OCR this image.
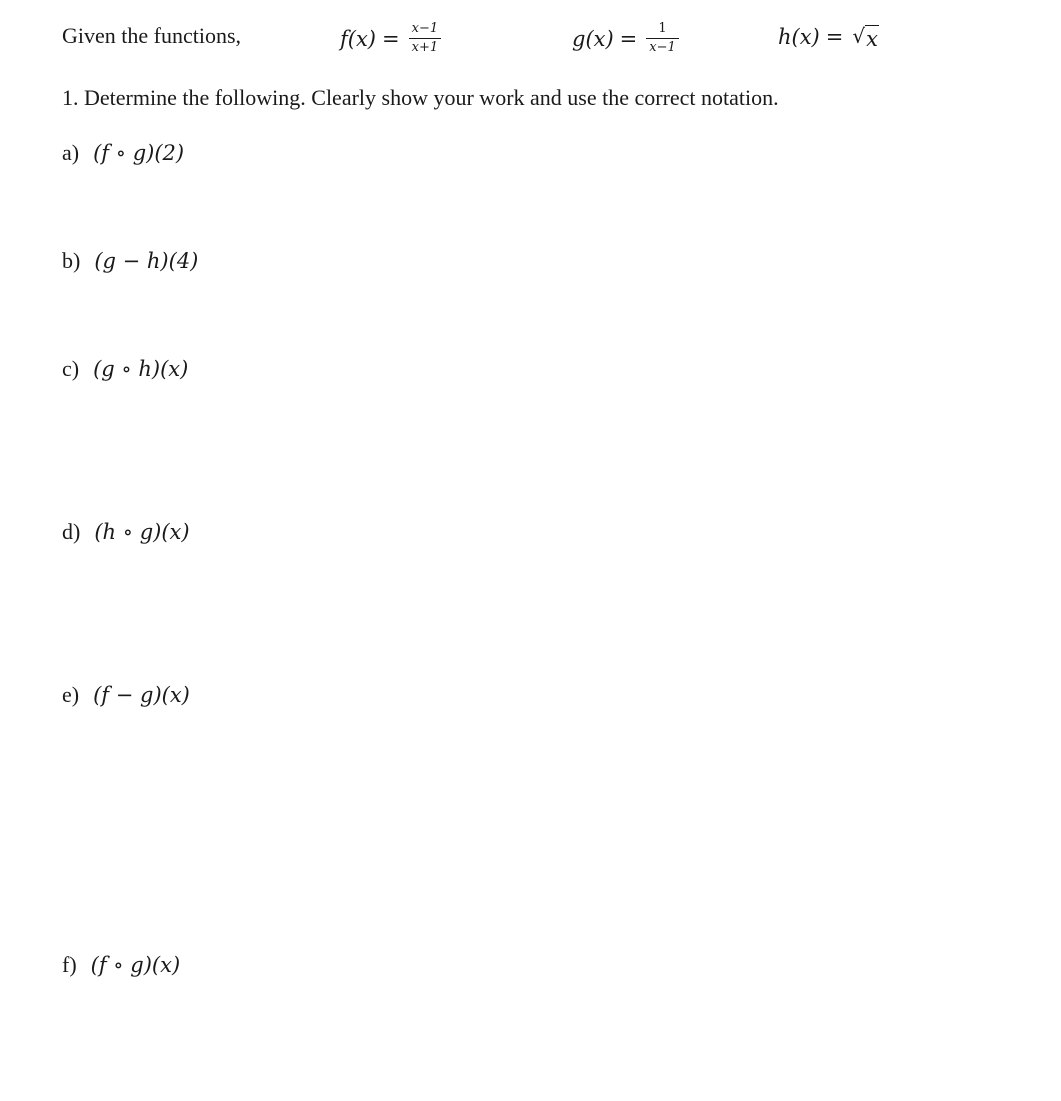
Given the functions,	$f(x) = \frac{x-1}{x+1}$	$g(x) = \frac{1}{x-1}$	h(x) = √ x
1. Determine the following. Clearly show your work and use the correct notation.
a) (f ∘ g)(2)
b) (g − h)(4)
c) (g ∘ h)(x)
d) (h ∘ g)(x)
e) (f − g)(x)
f) (f ∘ g)(x)
